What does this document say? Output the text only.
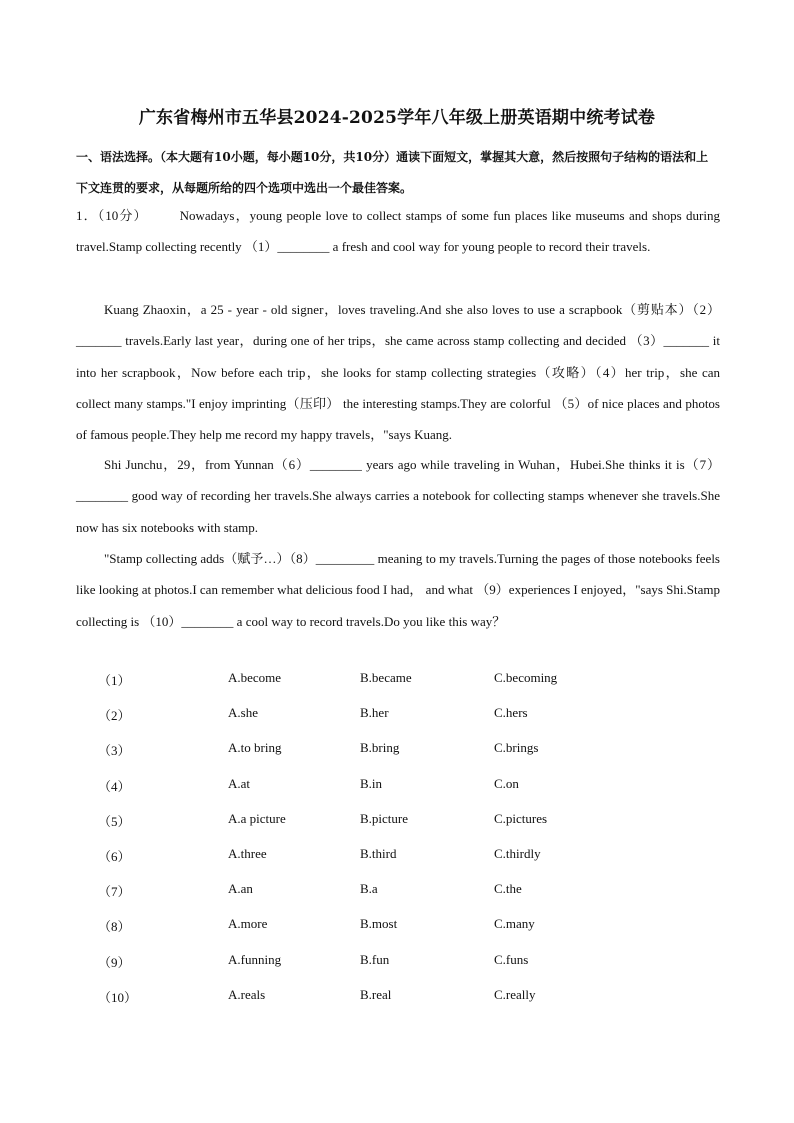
广东省梅州市五华县2024-2025学年八年级上册英语期中统考试卷
一、语法选择。（本大题有10小题，每小题10分，共10分）通读下面短文，掌握其大意，然后按照句子结构的语法和上下文连贯的要求，从每题所给的四个选项中选出一个最佳答案。
1．（10分） Nowadays，young people love to collect stamps of some fun places like museums and shops during travel.Stamp collecting recently （1）________ a fresh and cool way for young people to record their travels.
Kuang Zhaoxin，a 25 - year - old signer，loves traveling.And she also loves to use a scrapbook（剪贴本）（2）_______ travels.Early last year，during one of her trips，she came across stamp collecting and decided （3）_______ it into her scrapbook，Now before each trip，she looks for stamp collecting strategies（攻略）（4）her trip，she can collect many stamps."I enjoy imprinting（压印） the interesting stamps.They are colorful （5）of nice places and photos of famous people.They help me record my happy travels，"says Kuang.
Shi Junchu，29，from Yunnan（6）________ years ago while traveling in Wuhan，Hubei.She thinks it is（7）________ good way of recording her travels.She always carries a notebook for collecting stamps whenever she travels.She now has six notebooks with stamp.
"Stamp collecting adds（赋予…）（8）_________ meaning to my travels.Turning the pages of those notebooks feels like looking at photos.I can remember what delicious food I had， and what （9）experiences I enjoyed，"says Shi.Stamp collecting is （10）________ a cool way to record travels.Do you like this way？
（1）	A.become	B.became	C.becoming
（2）	A.she	B.her	C.hers
（3）	A.to bring	B.bring	C.brings
（4）	A.at	B.in	C.on
（5）	A.a picture	B.picture	C.pictures
（6）	A.three	B.third	C.thirdly
（7）	A.an	B.a	C.the
（8）	A.more	B.most	C.many
（9）	A.funning	B.fun	C.funs
（10）	A.reals	B.real	C.really
